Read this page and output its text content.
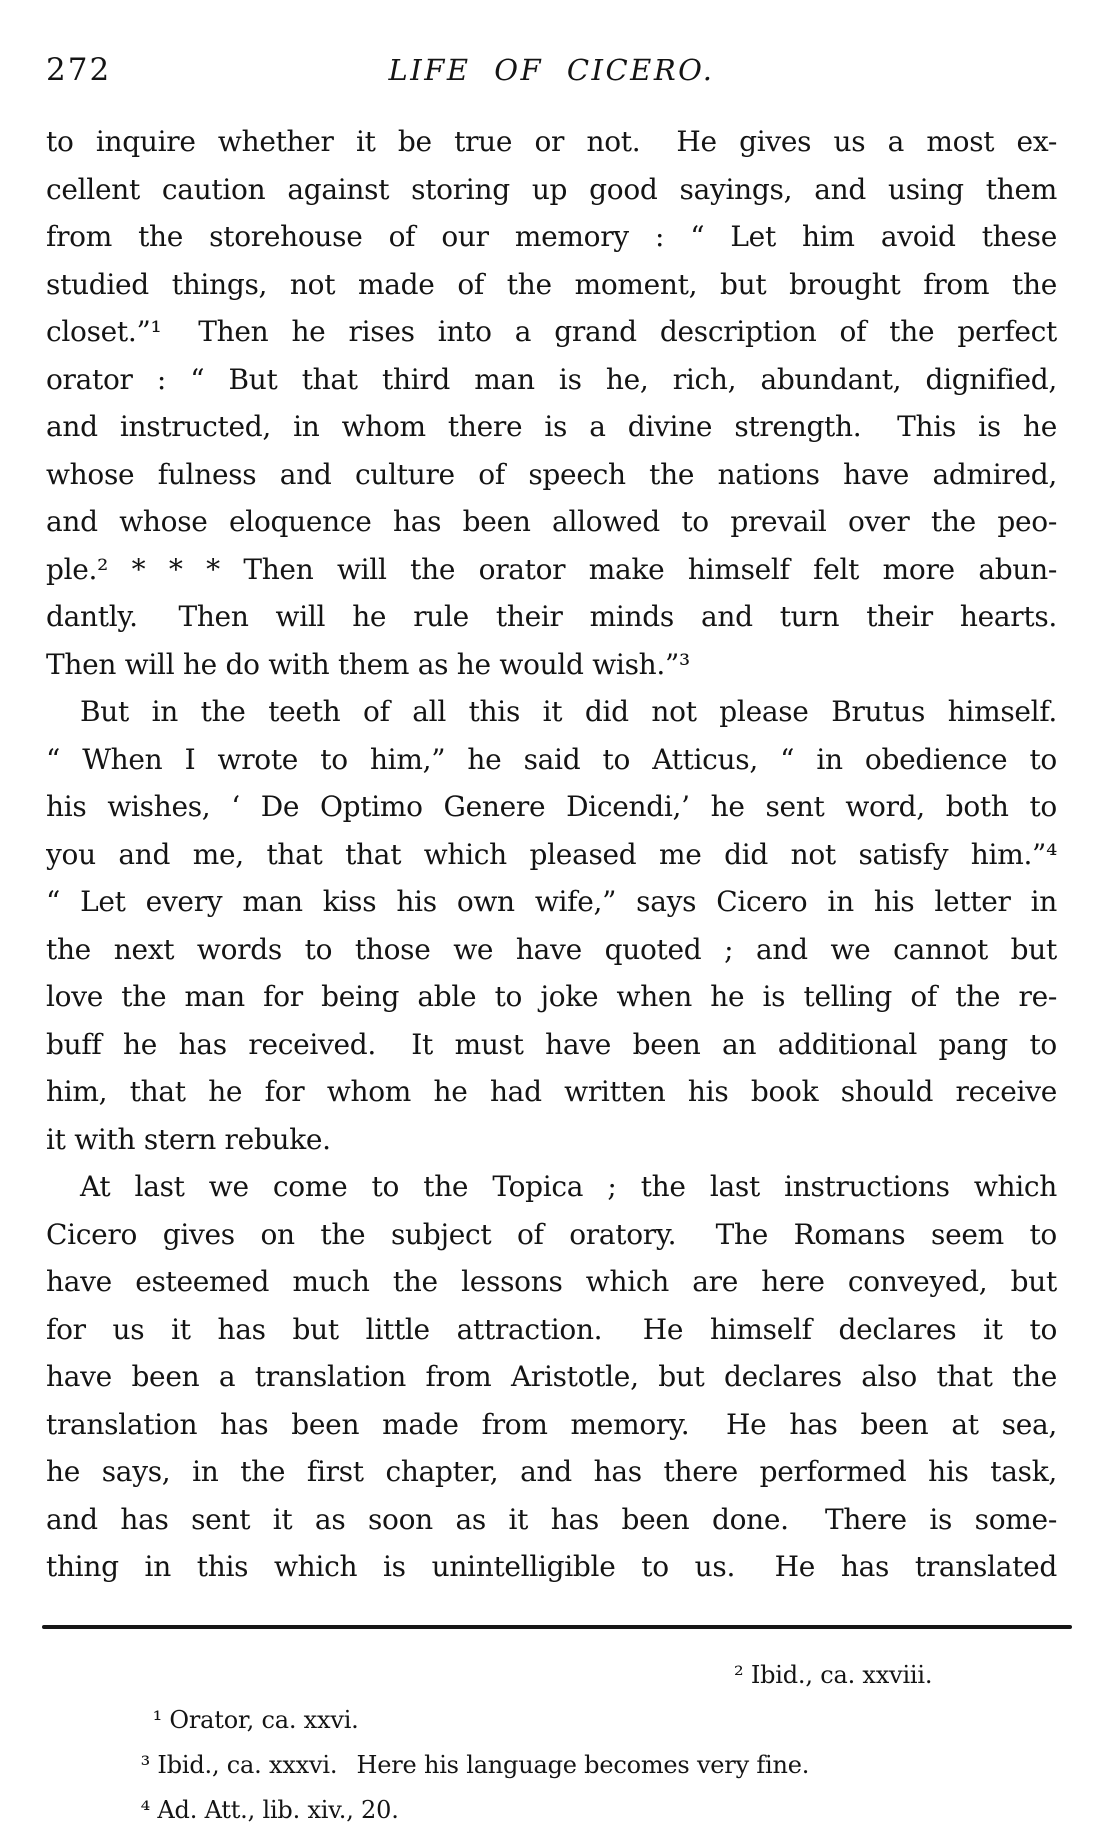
272	LIFE OF CICERO.
to inquire whether it be true or not.  He gives us a most ex-
cellent caution against storing up good sayings, and using them
from the storehouse of our memory : “ Let him avoid these
studied things, not made of the moment, but brought from the
closet.”¹  Then he rises into a grand description of the perfect
orator : “ But that third man is he, rich, abundant, dignified,
and instructed, in whom there is a divine strength.  This is he
whose fulness and culture of speech the nations have admired,
and whose eloquence has been allowed to prevail over the peo-
ple.² * * * Then will the orator make himself felt more abun-
dantly.  Then will he rule their minds and turn their hearts.
Then will he do with them as he would wish.”³
But in the teeth of all this it did not please Brutus himself.
“ When I wrote to him,” he said to Atticus, “ in obedience to
his wishes, ‘ De Optimo Genere Dicendi,’ he sent word, both to
you and me, that that which pleased me did not satisfy him.”⁴
“ Let every man kiss his own wife,” says Cicero in his letter in
the next words to those we have quoted ; and we cannot but
love the man for being able to joke when he is telling of the re-
buff he has received.  It must have been an additional pang to
him, that he for whom he had written his book should receive
it with stern rebuke.
At last we come to the Topica ; the last instructions which
Cicero gives on the subject of oratory.  The Romans seem to
have esteemed much the lessons which are here conveyed, but
for us it has but little attraction.  He himself declares it to
have been a translation from Aristotle, but declares also that the
translation has been made from memory.  He has been at sea,
he says, in the first chapter, and has there performed his task,
and has sent it as soon as it has been done.  There is some-
thing in this which is unintelligible to us.  He has translated

¹ Orator, ca. xxvi.

² Ibid., ca. xxviii.

³ Ibid., ca. xxxvi.  Here his language becomes very fine.

⁴ Ad. Att., lib. xiv., 20.
